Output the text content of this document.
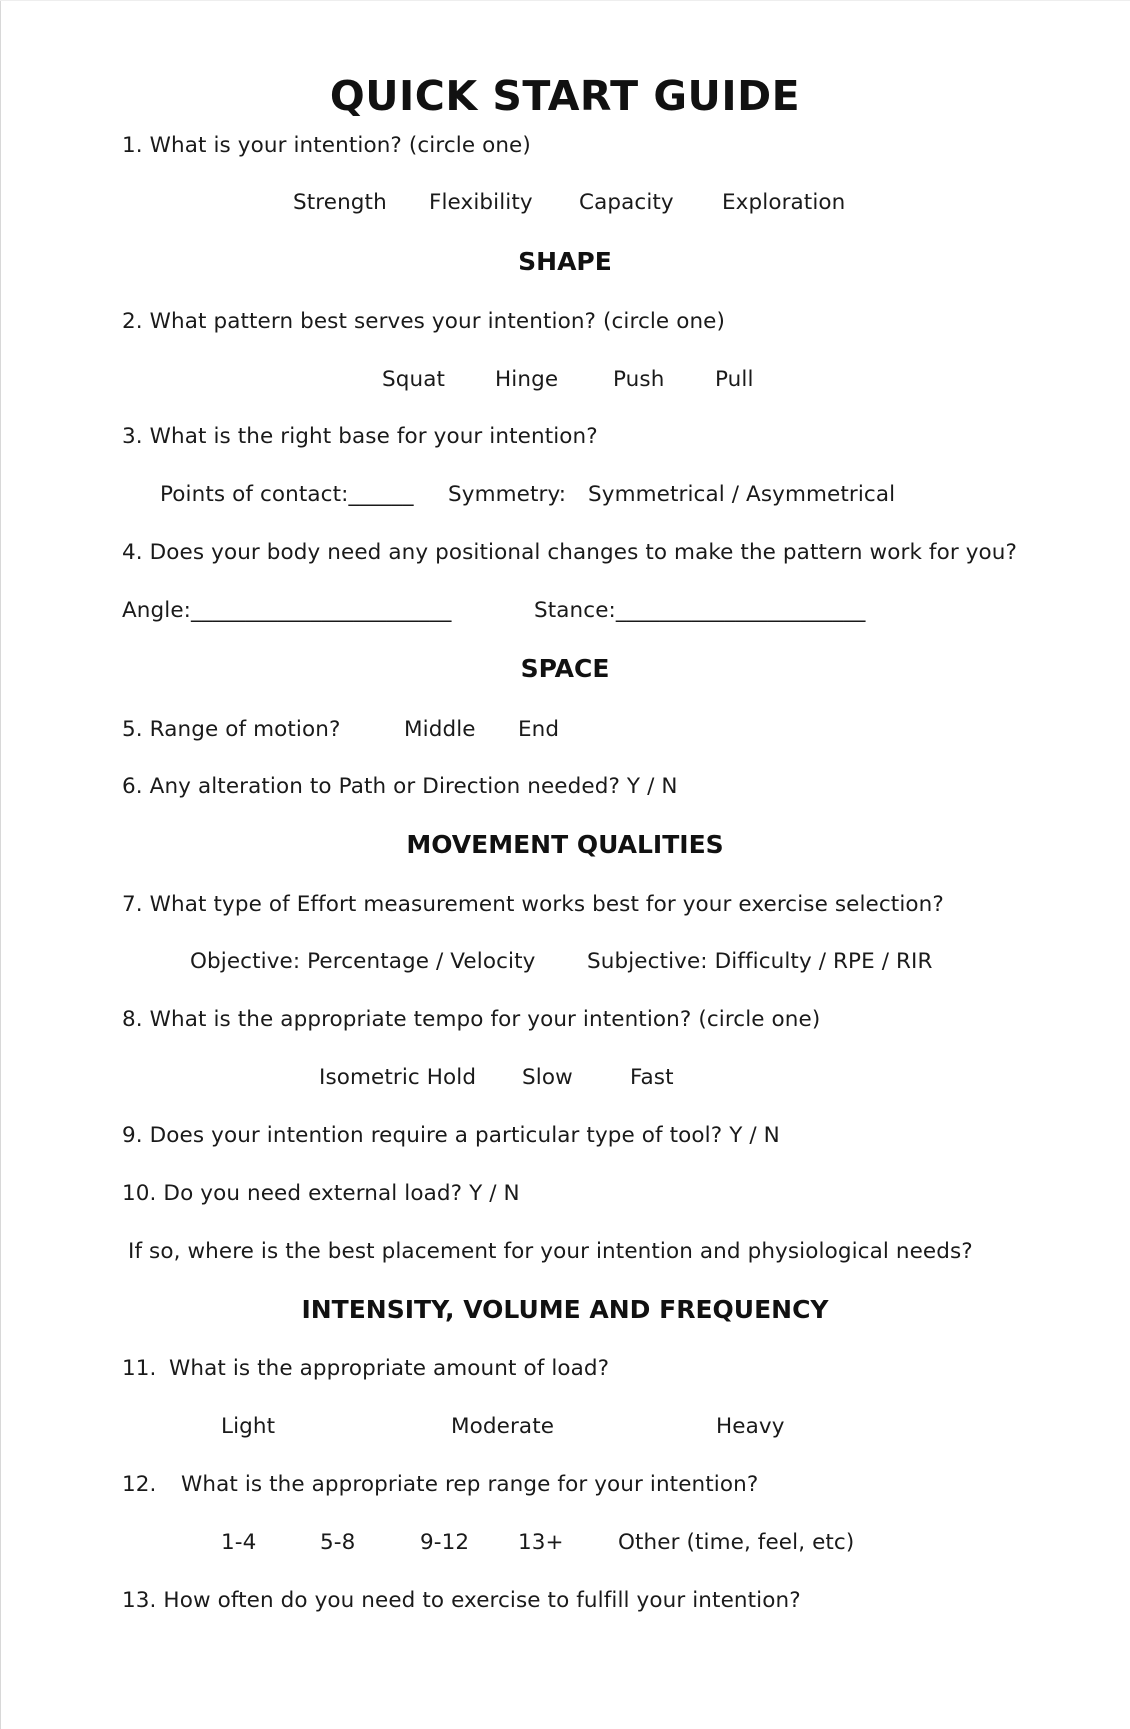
QUICK START GUIDE
1. What is your intention? (circle one)
Strength Flexibility Capacity Exploration
SHAPE
2. What pattern best serves your intention? (circle one)
Squat Hinge	Push Pull
3. What is the right base for your intention?
Points of contact:______ Symmetry: Symmetrical / Asymmetrical
4. Does your body need any positional changes to make the pattern work for you?
Angle:________________________	Stance:_______________________
SPACE
5. Range of motion?	Middle End
6. Any alteration to Path or Direction needed? Y / N
MOVEMENT QUALITIES
7. What type of Effort measurement works best for your exercise selection?
Objective: Percentage / Velocity Subjective: Difficulty / RPE / RIR
8. What is the appropriate tempo for your intention? (circle one)
Isometric Hold Slow	Fast
9. Does your intention require a particular type of tool? Y / N
10. Do you need external load? Y / N
If so, where is the best placement for your intention and physiological needs?
INTENSITY, VOLUME AND FREQUENCY
11. What is the appropriate amount of load?
Light	Moderate	Heavy
12. What is the appropriate rep range for your intention?
1-4	5-8	9-12 13+	Other (time, feel, etc)
13. How often do you need to exercise to fulfill your intention?
